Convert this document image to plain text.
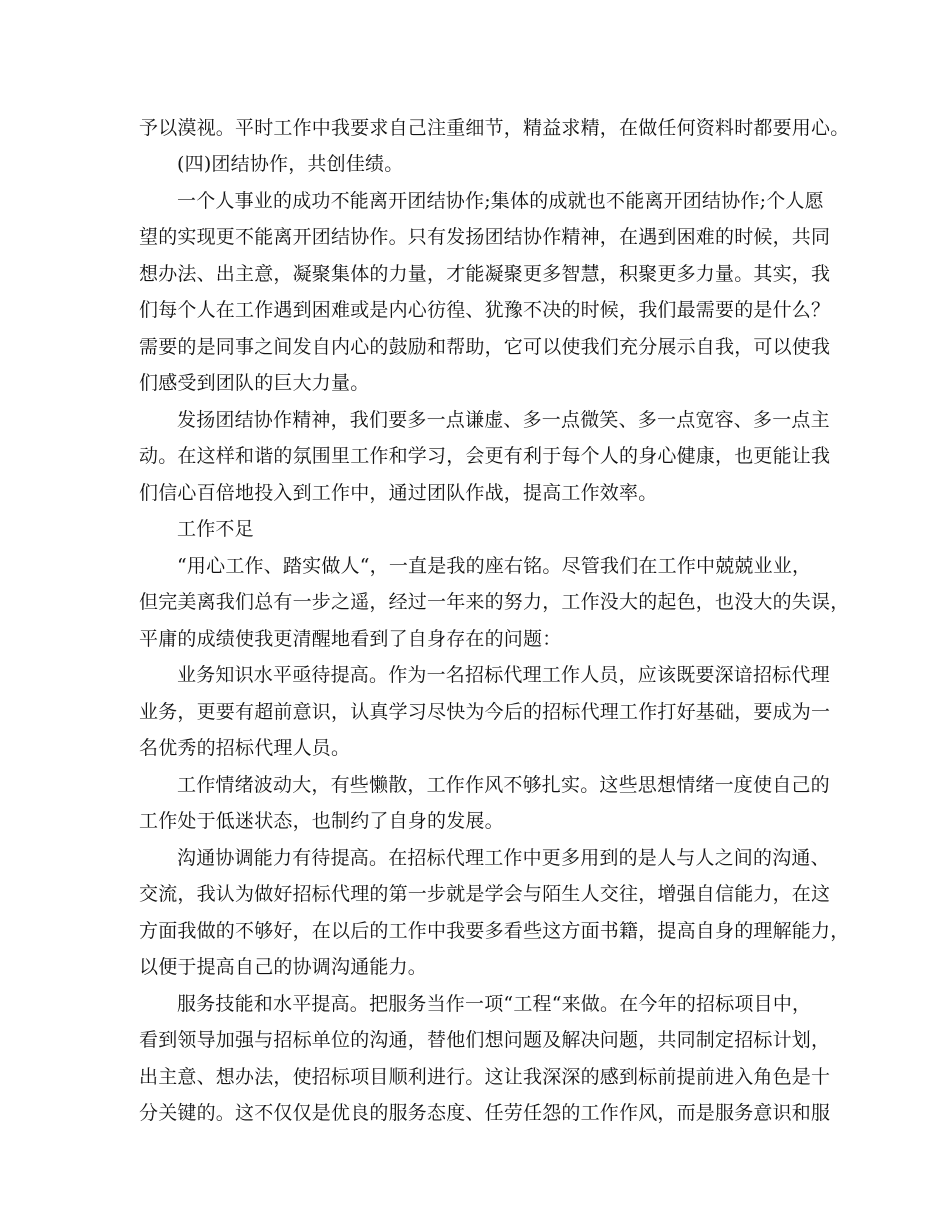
予以漠视。平时工作中我要求自己注重细节，精益求精，在做任何资料时都要用心。
(四)团结协作，共创佳绩。
一个人事业的成功不能离开团结协作;集体的成就也不能离开团结协作;个人愿
望的实现更不能离开团结协作。只有发扬团结协作精神，在遇到困难的时候，共同
想办法、出主意，凝聚集体的力量，才能凝聚更多智慧，积聚更多力量。其实，我
们每个人在工作遇到困难或是内心彷徨、犹豫不决的时候，我们最需要的是什么？
需要的是同事之间发自内心的鼓励和帮助，它可以使我们充分展示自我，可以使我
们感受到团队的巨大力量。
发扬团结协作精神，我们要多一点谦虚、多一点微笑、多一点宽容、多一点主
动。在这样和谐的氛围里工作和学习，会更有利于每个人的身心健康，也更能让我
们信心百倍地投入到工作中，通过团队作战，提高工作效率。
工作不足
“用心工作、踏实做人“，一直是我的座右铭。尽管我们在工作中兢兢业业，
但完美离我们总有一步之遥，经过一年来的努力，工作没大的起色，也没大的失误，
平庸的成绩使我更清醒地看到了自身存在的问题：
业务知识水平亟待提高。作为一名招标代理工作人员，应该既要深谙招标代理
业务，更要有超前意识，认真学习尽快为今后的招标代理工作打好基础，要成为一
名优秀的招标代理人员。
工作情绪波动大，有些懒散，工作作风不够扎实。这些思想情绪一度使自己的
工作处于低迷状态，也制约了自身的发展。
沟通协调能力有待提高。在招标代理工作中更多用到的是人与人之间的沟通、
交流，我认为做好招标代理的第一步就是学会与陌生人交往，增强自信能力，在这
方面我做的不够好，在以后的工作中我要多看些这方面书籍，提高自身的理解能力，
以便于提高自己的协调沟通能力。
服务技能和水平提高。把服务当作一项“工程“来做。在今年的招标项目中，
看到领导加强与招标单位的沟通，替他们想问题及解决问题，共同制定招标计划，
出主意、想办法，使招标项目顺利进行。这让我深深的感到标前提前进入角色是十
分关键的。这不仅仅是优良的服务态度、任劳任怨的工作作风，而是服务意识和服
